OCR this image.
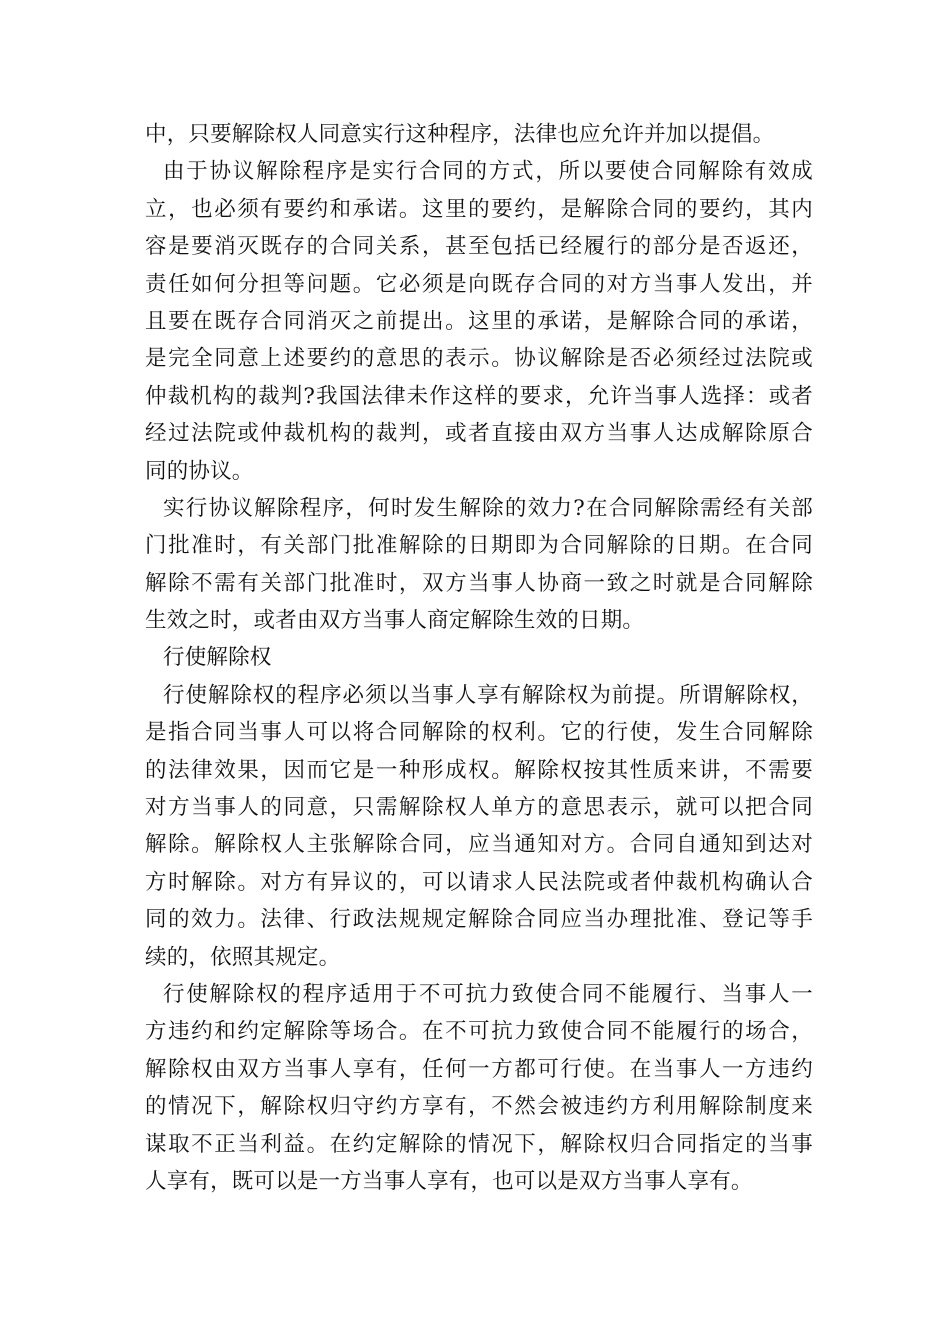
中，只要解除权人同意实行这种程序，法律也应允许并加以提倡。
由于协议解除程序是实行合同的方式，所以要使合同解除有效成
立，也必须有要约和承诺。这里的要约，是解除合同的要约，其内
容是要消灭既存的合同关系，甚至包括已经履行的部分是否返还，
责任如何分担等问题。它必须是向既存合同的对方当事人发出，并
且要在既存合同消灭之前提出。这里的承诺，是解除合同的承诺，
是完全同意上述要约的意思的表示。协议解除是否必须经过法院或
仲裁机构的裁判?我国法律未作这样的要求，允许当事人选择：或者
经过法院或仲裁机构的裁判，或者直接由双方当事人达成解除原合
同的协议。
实行协议解除程序，何时发生解除的效力?在合同解除需经有关部
门批准时，有关部门批准解除的日期即为合同解除的日期。在合同
解除不需有关部门批准时，双方当事人协商一致之时就是合同解除
生效之时，或者由双方当事人商定解除生效的日期。
行使解除权
行使解除权的程序必须以当事人享有解除权为前提。所谓解除权，
是指合同当事人可以将合同解除的权利。它的行使，发生合同解除
的法律效果，因而它是一种形成权。解除权按其性质来讲，不需要
对方当事人的同意，只需解除权人单方的意思表示，就可以把合同
解除。解除权人主张解除合同，应当通知对方。合同自通知到达对
方时解除。对方有异议的，可以请求人民法院或者仲裁机构确认合
同的效力。法律、行政法规规定解除合同应当办理批准、登记等手
续的，依照其规定。
行使解除权的程序适用于不可抗力致使合同不能履行、当事人一
方违约和约定解除等场合。在不可抗力致使合同不能履行的场合，
解除权由双方当事人享有，任何一方都可行使。在当事人一方违约
的情况下，解除权归守约方享有，不然会被违约方利用解除制度来
谋取不正当利益。在约定解除的情况下，解除权归合同指定的当事
人享有，既可以是一方当事人享有，也可以是双方当事人享有。
